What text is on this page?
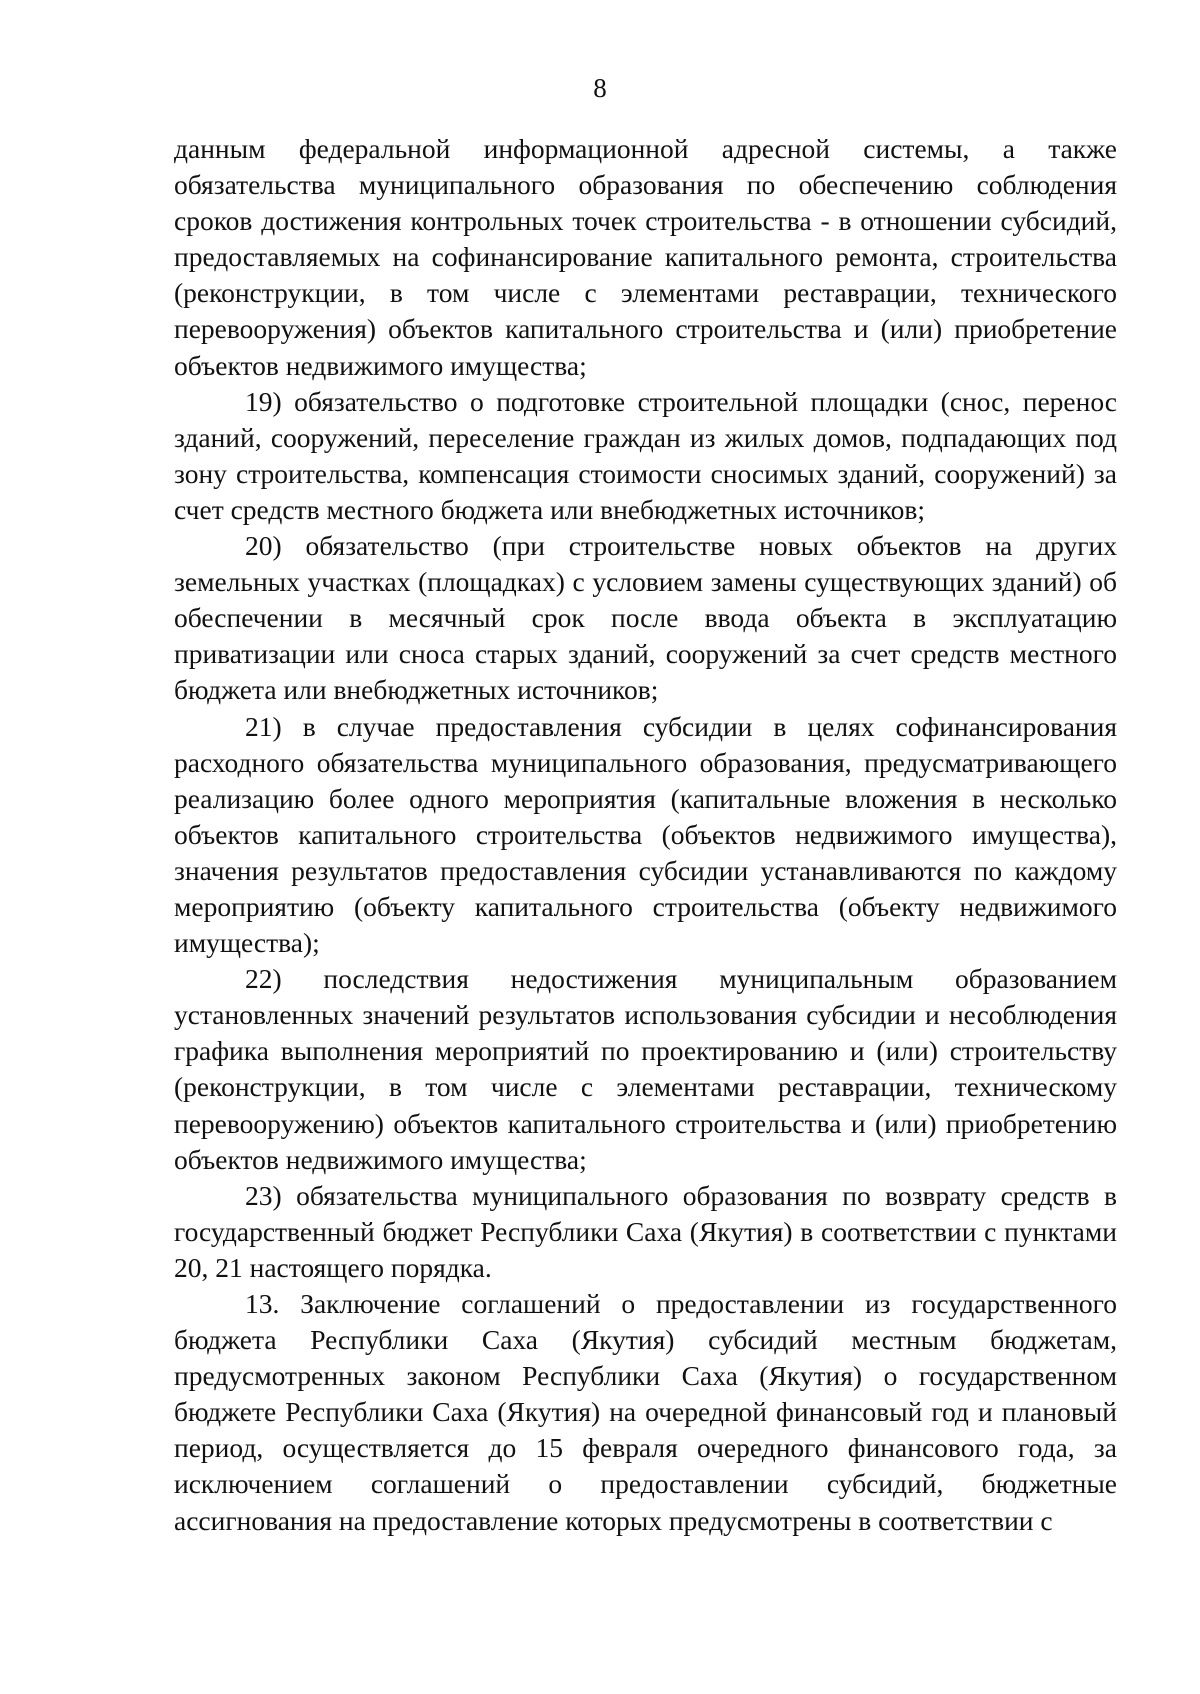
8

данным федеральной информационной адресной системы, а также обязательства муниципального образования по обеспечению соблюдения сроков достижения контрольных точек строительства - в отношении субсидий, предоставляемых на софинансирование капитального ремонта, строительства (реконструкции, в том числе с элементами реставрации, технического перевооружения) объектов капитального строительства и (или) приобретение объектов недвижимого имущества;

19) обязательство о подготовке строительной площадки (снос, перенос зданий, сооружений, переселение граждан из жилых домов, подпадающих под зону строительства, компенсация стоимости сносимых зданий, сооружений) за счет средств местного бюджета или внебюджетных источников;

20) обязательство (при строительстве новых объектов на других земельных участках (площадках) с условием замены существующих зданий) об обеспечении в месячный срок после ввода объекта в эксплуатацию приватизации или сноса старых зданий, сооружений за счет средств местного бюджета или внебюджетных источников;

21) в случае предоставления субсидии в целях софинансирования расходного обязательства муниципального образования, предусматривающего реализацию более одного мероприятия (капитальные вложения в несколько объектов капитального строительства (объектов недвижимого имущества), значения результатов предоставления субсидии устанавливаются по каждому мероприятию (объекту капитального строительства (объекту недвижимого имущества);

22) последствия недостижения муниципальным образованием установленных значений результатов использования субсидии и несоблюдения графика выполнения мероприятий по проектированию и (или) строительству (реконструкции, в том числе с элементами реставрации, техническому перевооружению) объектов капитального строительства и (или) приобретению объектов недвижимого имущества;

23) обязательства муниципального образования по возврату средств в государственный бюджет Республики Саха (Якутия) в соответствии с пунктами 20, 21 настоящего порядка.

13. Заключение соглашений о предоставлении из государственного бюджета Республики Саха (Якутия) субсидий местным бюджетам, предусмотренных законом Республики Саха (Якутия) о государственном бюджете Республики Саха (Якутия) на очередной финансовый год и плановый период, осуществляется до 15 февраля очередного финансового года, за исключением соглашений о предоставлении субсидий, бюджетные ассигнования на предоставление которых предусмотрены в соответствии с
